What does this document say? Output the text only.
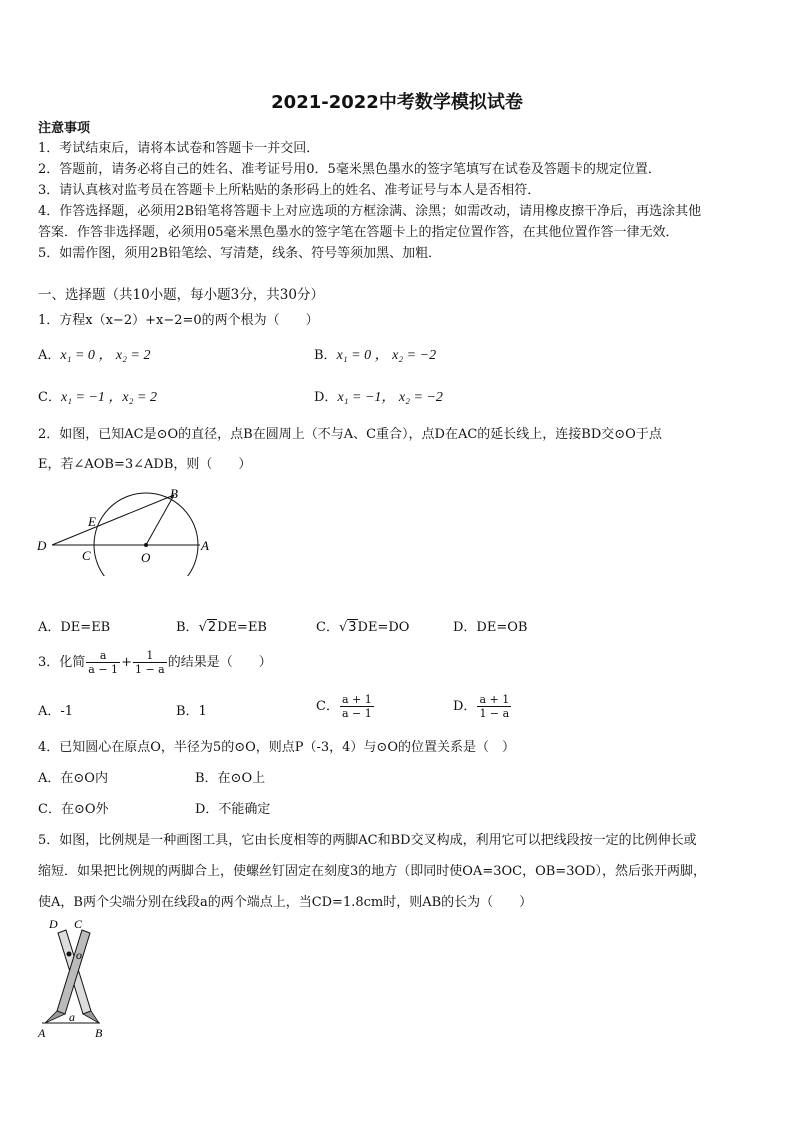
2021-2022中考数学模拟试卷
注意事项
1．考试结束后，请将本试卷和答题卡一并交回．
2．答题前，请务必将自己的姓名、准考证号用0．5毫米黑色墨水的签字笔填写在试卷及答题卡的规定位置．
3．请认真核对监考员在答题卡上所粘贴的条形码上的姓名、准考证号与本人是否相符．
4．作答选择题，必须用2B铅笔将答题卡上对应选项的方框涂满、涂黑；如需改动，请用橡皮擦干净后，再选涂其他
答案．作答非选择题，必须用05毫米黑色墨水的签字笔在答题卡上的指定位置作答，在其他位置作答一律无效．
5．如需作图，须用2B铅笔绘、写清楚，线条、符号等须加黑、加粗．
一、选择题（共10小题，每小题3分，共30分）
1．方程x（x−2）+x−2=0的两个根为（　　）
A．x₁ = 0 ， x₂ = 2	B．x₁ = 0 ， x₂ = −2
C．x₁ = −1 ，x₂ = 2	D．x₁ = −1， x₂ = −2
2．如图，已知AC是⊙O的直径，点B在圆周上（不与A、C重合），点D在AC的延长线上，连接BD交⊙O于点
E，若∠AOB=3∠ADB，则（　　）
B
E
D
C	O
A
A．DE=EB	B．√2DE=EB	C．√3DE=DO	D．DE=OB
3．化简 $\frac{a}{a - 1} + \frac{1}{1 - a}$ 的结果是（　　）
A．-1	B．1	C． $\frac{a + 1}{a - 1}$	D． $\frac{a + 1}{1 - a}$
4．已知圆心在原点O，半径为5的⊙O，则点P（-3，4）与⊙O的位置关系是（　）
A．在⊙O内	B．在⊙O上
C．在⊙O外	D．不能确定
5．如图，比例规是一种画图工具，它由长度相等的两脚AC和BD交叉构成，利用它可以把线段按一定的比例伸长或
缩短．如果把比例规的两脚合上，使螺丝钉固定在刻度3的地方（即同时使OA=3OC，OB=3OD），然后张开两脚，
使A，B两个尖端分别在线段a的两个端点上，当CD=1.8cm时，则AB的长为（　　）
D C
o
a
A	B
